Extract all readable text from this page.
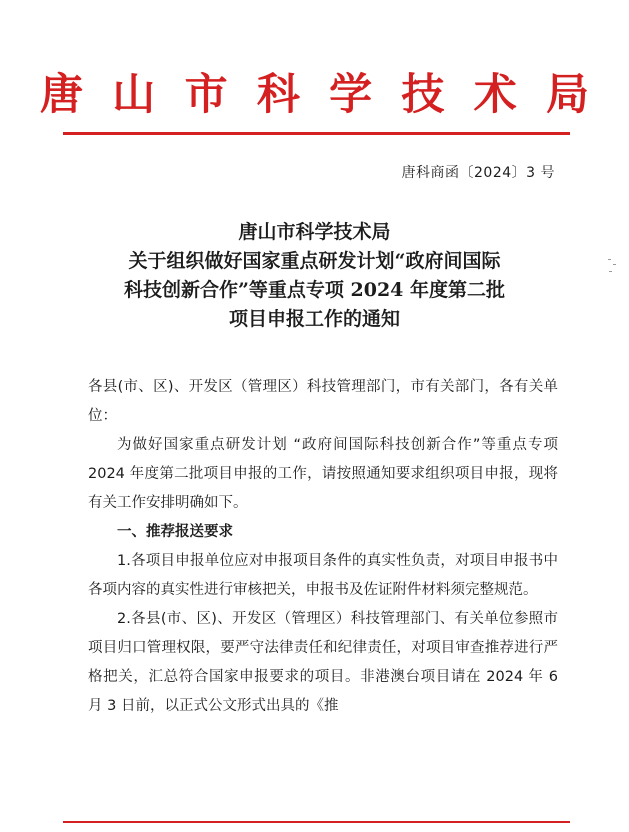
唐 山 市 科 学 技 术 局
唐科商函〔2024〕3 号
唐山市科学技术局
关于组织做好国家重点研发计划“政府间国际
科技创新合作”等重点专项 2024 年度第二批
项目申报工作的通知

各县(市、区)、开发区（管理区）科技管理部门，市有关部门，各有关单位：

为做好国家重点研发计划 “政府间国际科技创新合作”等重点专项 2024 年度第二批项目申报的工作，请按照通知要求组织项目申报，现将有关工作安排明确如下。

一、推荐报送要求

1.各项目申报单位应对申报项目条件的真实性负责，对项目申报书中各项内容的真实性进行审核把关，申报书及佐证附件材料须完整规范。

2.各县(市、区)、开发区（管理区）科技管理部门、有关单位参照市项目归口管理权限，要严守法律责任和纪律责任，对项目审查推荐进行严格把关，汇总符合国家申报要求的项目。非港澳台项目请在 2024 年 6 月 3 日前，以正式公文形式出具的《推
